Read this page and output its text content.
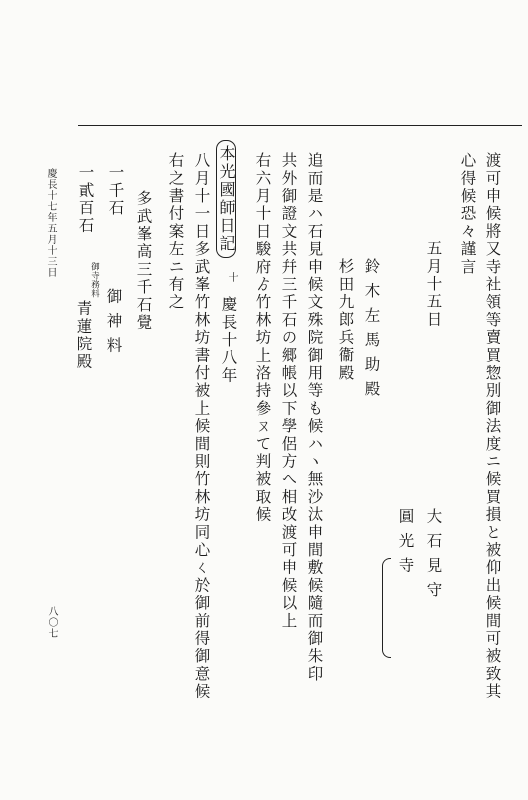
渡可申候將又寺社領等賣買惣別御法度ニ候買損と被仰出候間可被致其
心得候恐々謹言
五月十五日
大石見守
圓光寺
鈴木左馬助殿
杉田九郎兵衞殿
追而是ハ石見申候文殊院御用等も候ハヽ無沙汰申間敷候隨而御朱印
共外御證文共幷三千石の郷帳以下學侶方へ相改渡可申候以上
右六月十日駿府ゟ竹林坊上洛持參ㄡて判被取候
本光國師日記
十
慶長十八年
八月十一日多武峯竹林坊書付被上候間則竹林坊同心ㄑ於御前得御意候
右之書付案左ニ有之
多武峯高三千石覺
一千石
御神料
一貳百石
御寺務料
青蓮院殿
慶長十七年五月十三日
八〇七
